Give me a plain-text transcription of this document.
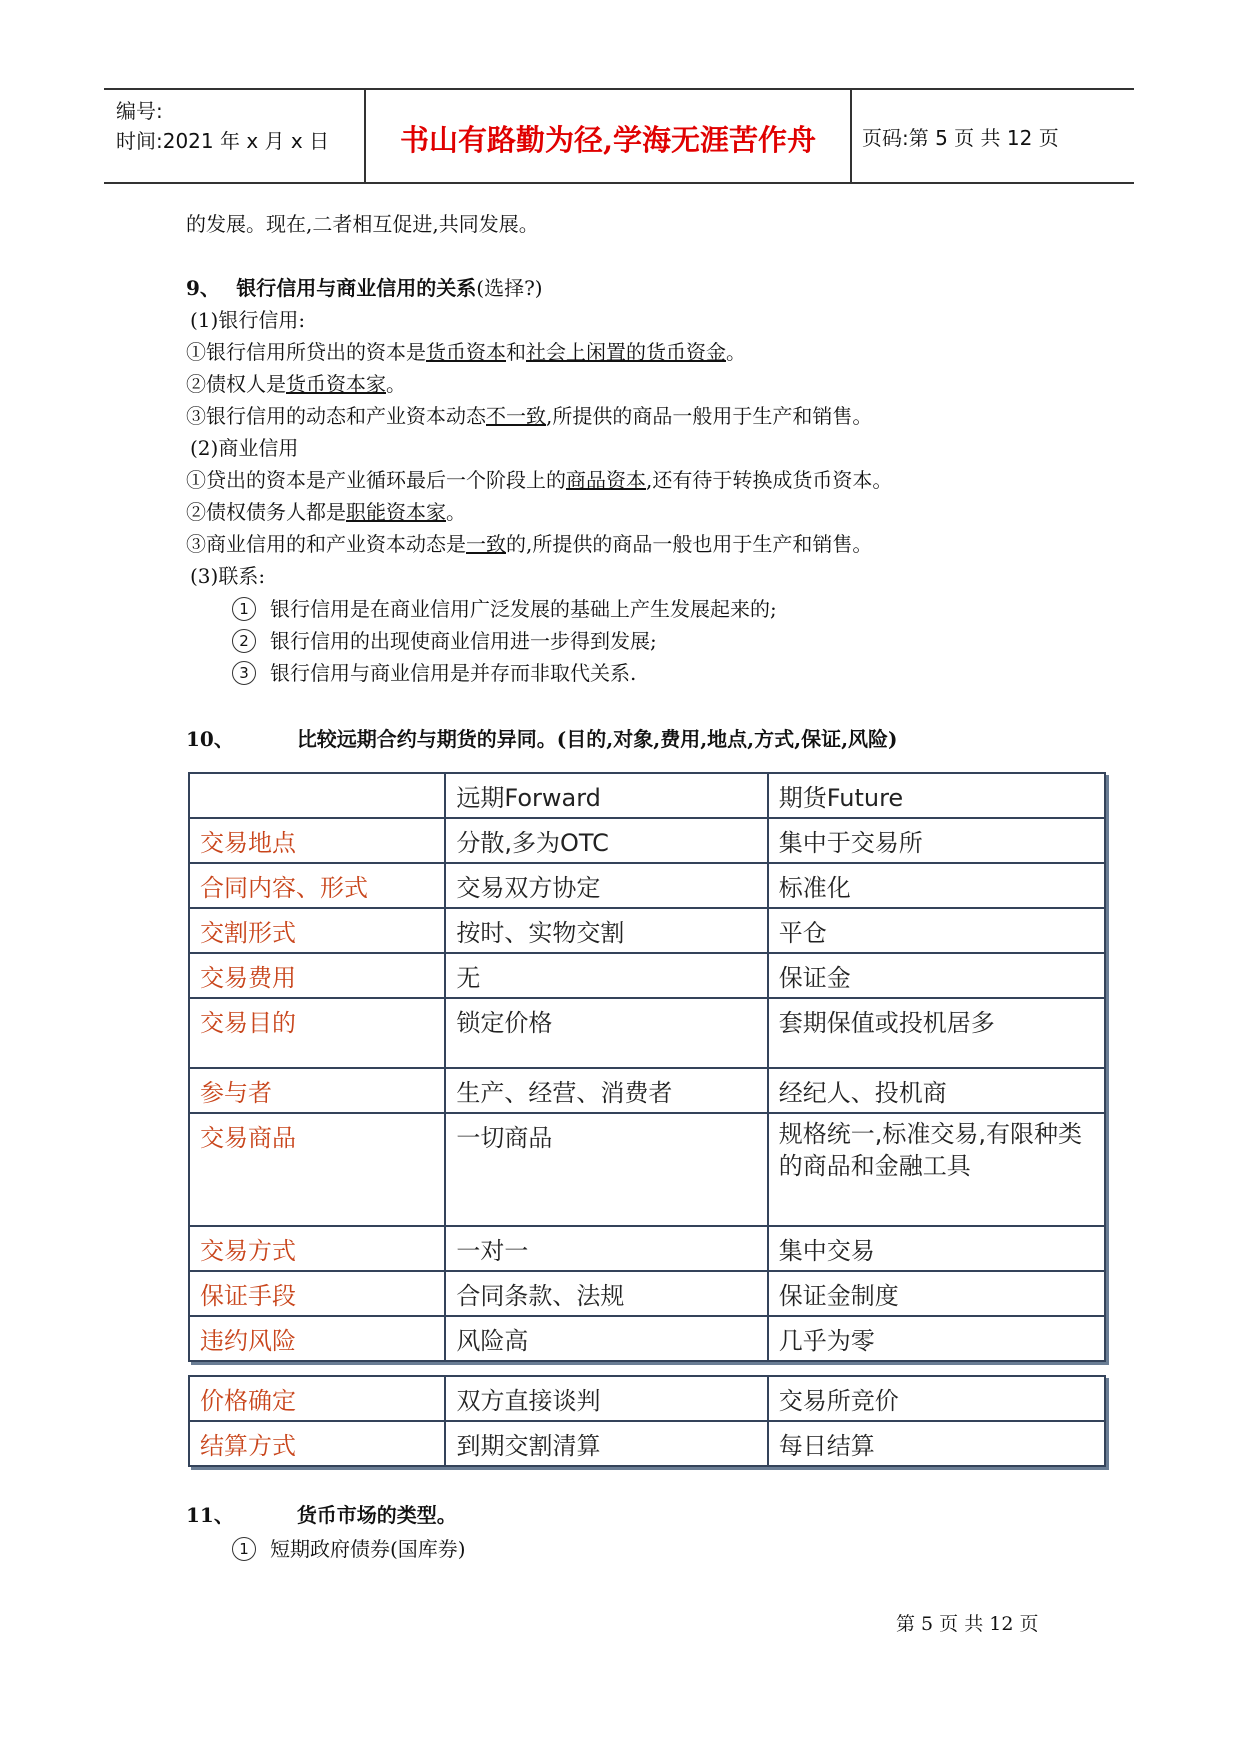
编号:
时间:2021 年 x 月 x 日	书山有路勤为径,学海无涯苦作舟	页码:第 5 页 共 12 页
的发展。现在,二者相互促进,共同发展。
9、 银行信用与商业信用的关系(选择?)
(1)银行信用:
①银行信用所贷出的资本是货币资本和社会上闲置的货币资金。
②债权人是货币资本家。
③银行信用的动态和产业资本动态不一致,所提供的商品一般用于生产和销售。
(2)商业信用
①贷出的资本是产业循环最后一个阶段上的商品资本,还有待于转换成货币资本。
②债权债务人都是职能资本家。
③商业信用的和产业资本动态是一致的,所提供的商品一般也用于生产和销售。
(3)联系:
1 银行信用是在商业信用广泛发展的基础上产生发展起来的;
2 银行信用的出现使商业信用进一步得到发展;
3 银行信用与商业信用是并存而非取代关系.
10、	比较远期合约与期货的异同。(目的,对象,费用,地点,方式,保证,风险)
	远期Forward	期货Future
交易地点	分散,多为OTC	集中于交易所
合同内容、形式	交易双方协定	标准化
交割形式	按时、实物交割	平仓
交易费用	无	保证金
交易目的	锁定价格	套期保值或投机居多
参与者	生产、经营、消费者	经纪人、投机商
交易商品	一切商品	规格统一,标准交易,有限种类的商品和金融工具
交易方式	一对一	集中交易
保证手段	合同条款、法规	保证金制度
违约风险	风险高	几乎为零
价格确定	双方直接谈判	交易所竞价
结算方式	到期交割清算	每日结算
11、	货币市场的类型。
1 短期政府债券(国库券)
第 5 页 共 12 页
